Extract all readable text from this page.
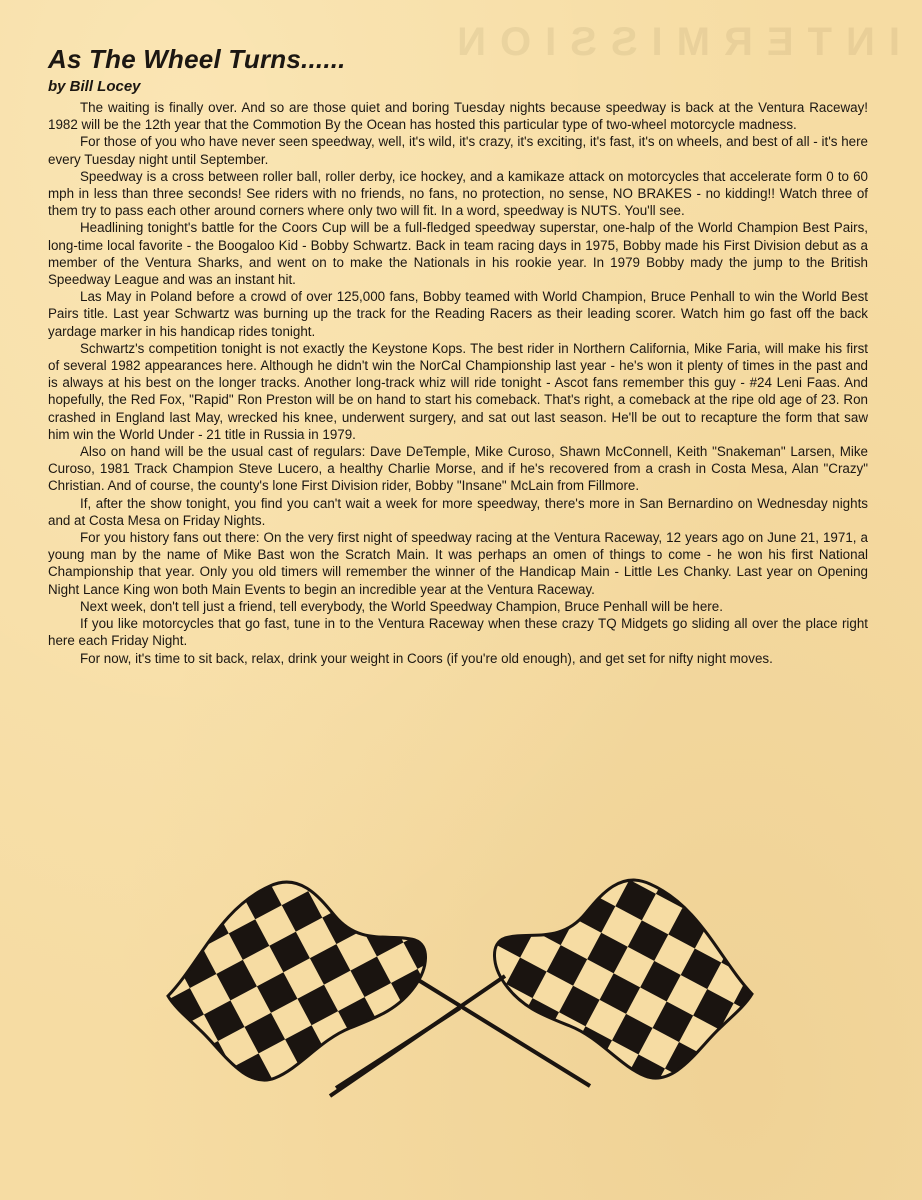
INTERMISSION
As The Wheel Turns......
by Bill Locey

The waiting is finally over. And so are those quiet and boring Tuesday nights because speedway is back at the Ventura Raceway! 1982 will be the 12th year that the Commotion By the Ocean has hosted this particular type of two-wheel motorcycle madness.

For those of you who have never seen speedway, well, it's wild, it's crazy, it's exciting, it's fast, it's on wheels, and best of all - it's here every Tuesday night until September.

Speedway is a cross between roller ball, roller derby, ice hockey, and a kamikaze attack on motorcycles that accelerate form 0 to 60 mph in less than three seconds! See riders with no friends, no fans, no protection, no sense, NO BRAKES - no kidding!! Watch three of them try to pass each other around corners where only two will fit. In a word, speedway is NUTS. You'll see.

Headlining tonight's battle for the Coors Cup will be a full-fledged speedway superstar, one-halp of the World Champion Best Pairs, long-time local favorite - the Boogaloo Kid - Bobby Schwartz. Back in team racing days in 1975, Bobby made his First Division debut as a member of the Ventura Sharks, and went on to make the Nationals in his rookie year. In 1979 Bobby mady the jump to the British Speedway League and was an instant hit.

Las May in Poland before a crowd of over 125,000 fans, Bobby teamed with World Champion, Bruce Penhall to win the World Best Pairs title. Last year Schwartz was burning up the track for the Reading Racers as their leading scorer. Watch him go fast off the back yardage marker in his handicap rides tonight.

Schwartz's competition tonight is not exactly the Keystone Kops. The best rider in Northern California, Mike Faria, will make his first of several 1982 appearances here. Although he didn't win the NorCal Championship last year - he's won it plenty of times in the past and is always at his best on the longer tracks. Another long-track whiz will ride tonight - Ascot fans remember this guy - #24 Leni Faas. And hopefully, the Red Fox, "Rapid" Ron Preston will be on hand to start his comeback. That's right, a comeback at the ripe old age of 23. Ron crashed in England last May, wrecked his knee, underwent surgery, and sat out last season. He'll be out to recapture the form that saw him win the World Under - 21 title in Russia in 1979.

Also on hand will be the usual cast of regulars: Dave DeTemple, Mike Curoso, Shawn McConnell, Keith "Snakeman" Larsen, Mike Curoso, 1981 Track Champion Steve Lucero, a healthy Charlie Morse, and if he's recovered from a crash in Costa Mesa, Alan "Crazy" Christian. And of course, the county's lone First Division rider, Bobby "Insane" McLain from Fillmore.

If, after the show tonight, you find you can't wait a week for more speedway, there's more in San Bernardino on Wednesday nights and at Costa Mesa on Friday Nights.

For you history fans out there: On the very first night of speedway racing at the Ventura Raceway, 12 years ago on June 21, 1971, a young man by the name of Mike Bast won the Scratch Main. It was perhaps an omen of things to come - he won his first National Championship that year. Only you old timers will remember the winner of the Handicap Main - Little Les Chanky. Last year on Opening Night Lance King won both Main Events to begin an incredible year at the Ventura Raceway.

Next week, don't tell just a friend, tell everybody, the World Speedway Champion, Bruce Penhall will be here.

If you like motorcycles that go fast, tune in to the Ventura Raceway when these crazy TQ Midgets go sliding all over the place right here each Friday Night.

For now, it's time to sit back, relax, drink your weight in Coors (if you're old enough), and get set for nifty night moves.
